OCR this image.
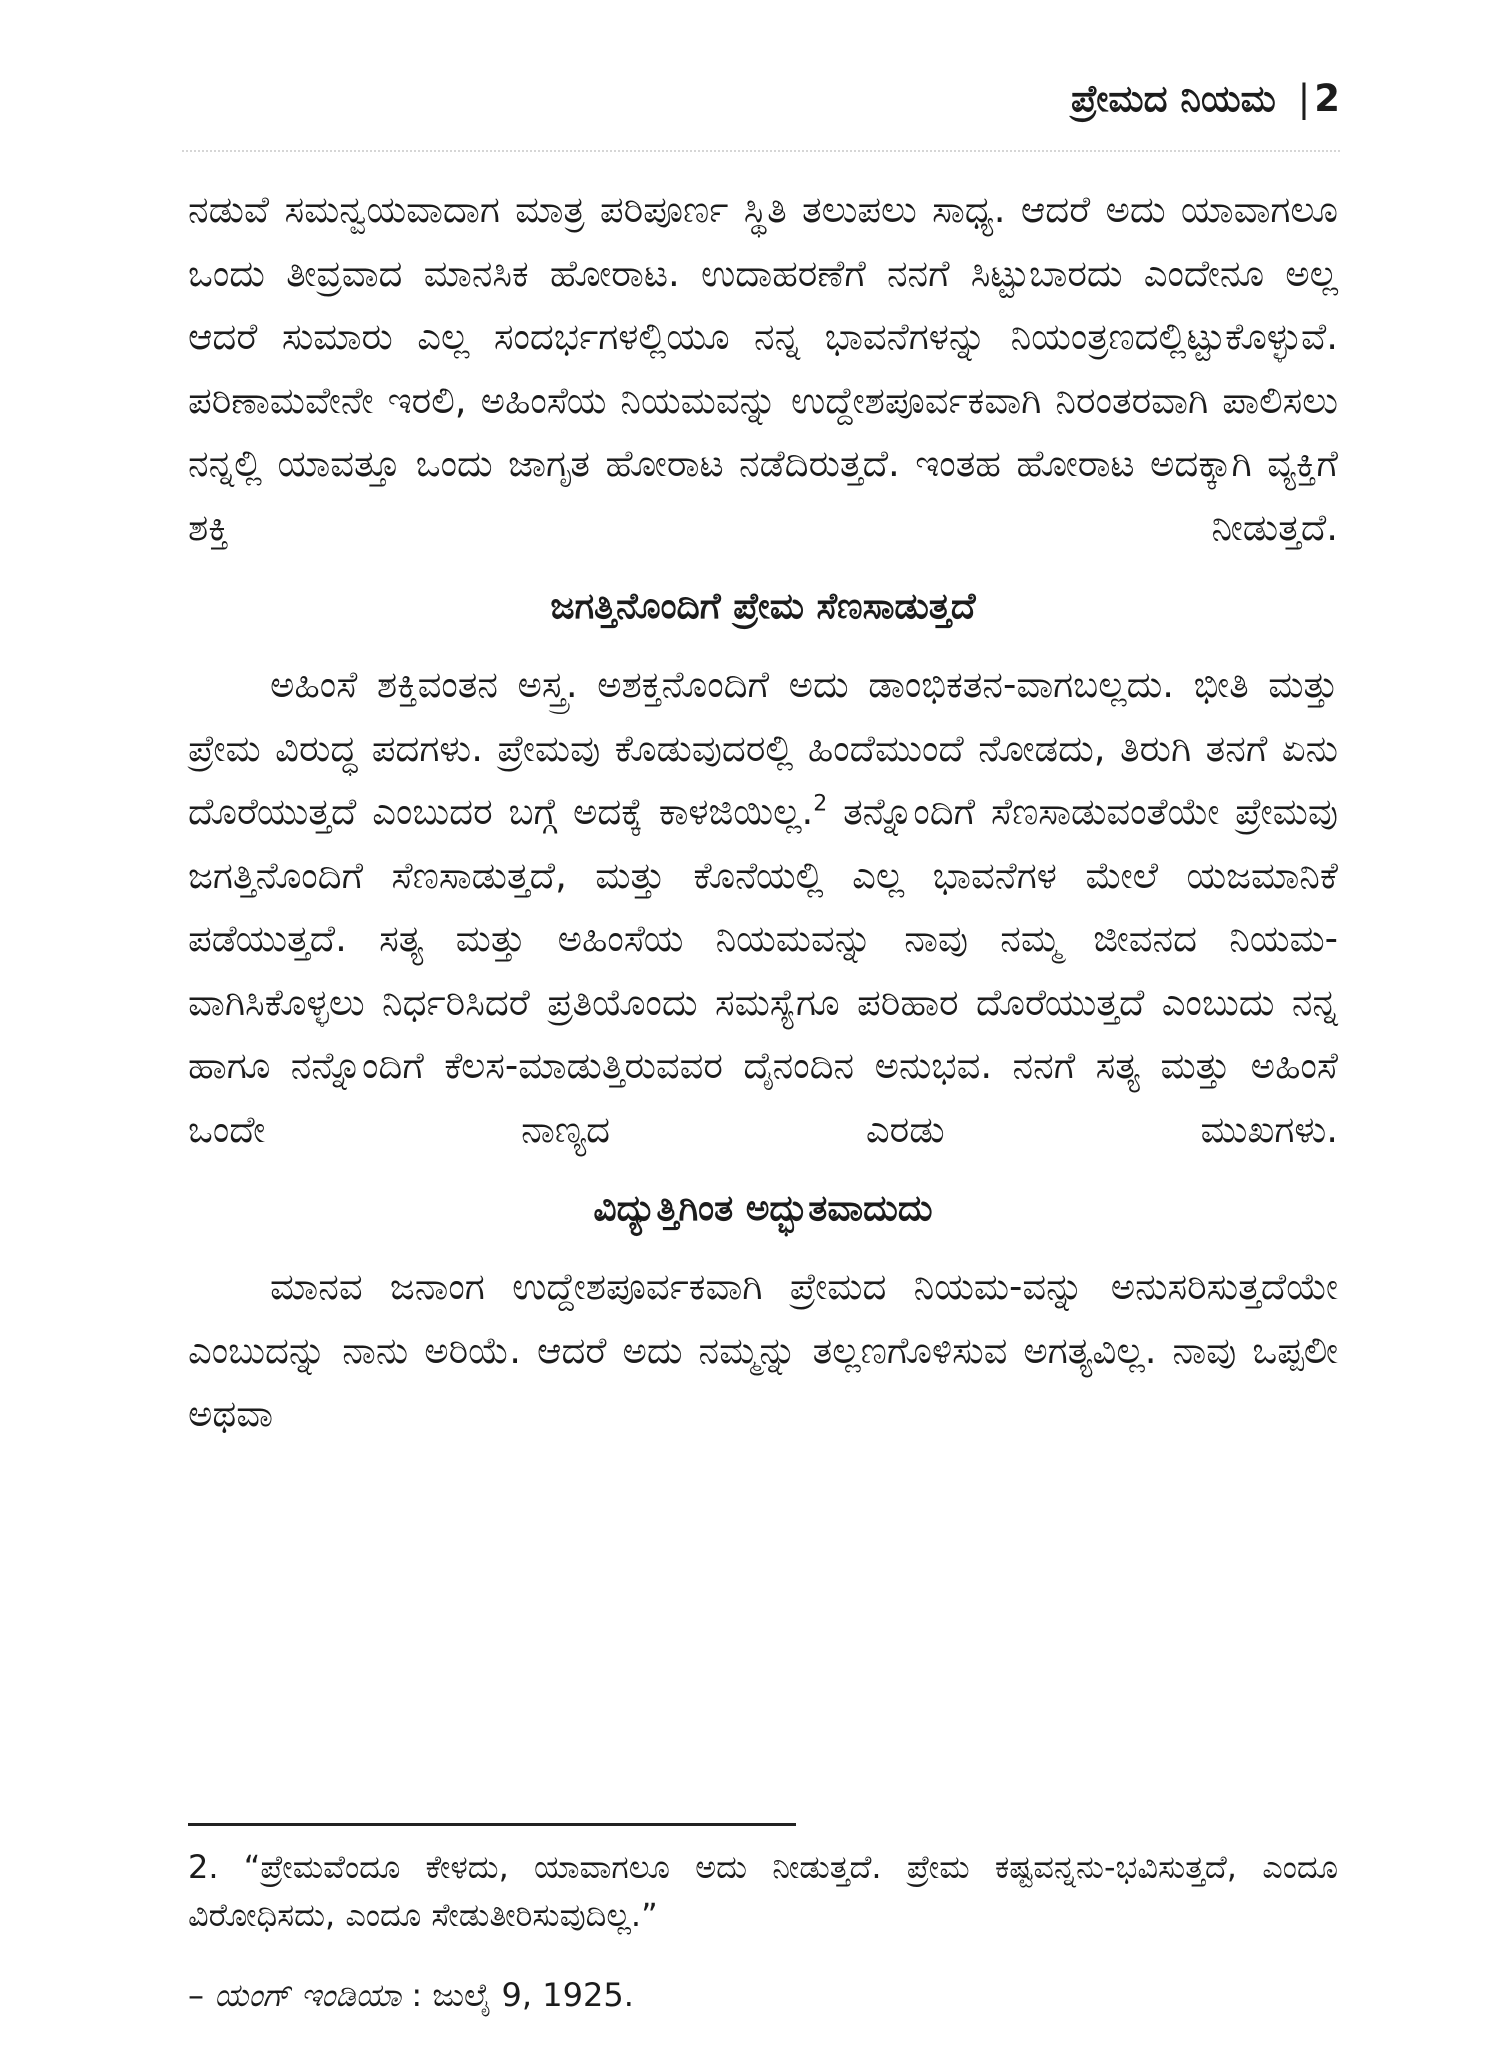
ಪ್ರೇಮದ ನಿಯಮ | 2

ನಡುವೆ ಸಮನ್ವಯವಾದಾಗ ಮಾತ್ರ ಪರಿಪೂರ್ಣ ಸ್ಥಿತಿ ತಲುಪಲು ಸಾಧ್ಯ. ಆದರೆ ಅದು ಯಾವಾಗಲೂ ಒಂದು ತೀವ್ರವಾದ ಮಾನಸಿಕ ಹೋರಾಟ. ಉದಾಹರಣೆಗೆ ನನಗೆ ಸಿಟ್ಟುಬಾರದು ಎಂದೇನೂ ಅಲ್ಲ ಆದರೆ ಸುಮಾರು ಎಲ್ಲ ಸಂದರ್ಭಗಳಲ್ಲಿಯೂ ನನ್ನ ಭಾವನೆಗಳನ್ನು ನಿಯಂತ್ರಣದಲ್ಲಿಟ್ಟುಕೊಳ್ಳುವೆ. ಪರಿಣಾಮವೇನೇ ಇರಲಿ, ಅಹಿಂಸೆಯ ನಿಯಮವನ್ನು ಉದ್ದೇಶಪೂರ್ವಕವಾಗಿ ನಿರಂತರವಾಗಿ ಪಾಲಿಸಲು ನನ್ನಲ್ಲಿ ಯಾವತ್ತೂ ಒಂದು ಜಾಗೃತ ಹೋರಾಟ ನಡೆದಿರುತ್ತದೆ. ಇಂತಹ ಹೋರಾಟ ಅದಕ್ಕಾಗಿ ವ್ಯಕ್ತಿಗೆ ಶಕ್ತಿ ನೀಡುತ್ತದೆ.

ಜಗತ್ತಿನೊಂದಿಗೆ ಪ್ರೇಮ ಸೆಣಸಾಡುತ್ತದೆ

ಅಹಿಂಸೆ ಶಕ್ತಿವಂತನ ಅಸ್ತ್ರ. ಅಶಕ್ತನೊಂದಿಗೆ ಅದು ಡಾಂಭಿಕತನ-ವಾಗಬಲ್ಲದು. ಭೀತಿ ಮತ್ತು ಪ್ರೇಮ ವಿರುದ್ಧ ಪದಗಳು. ಪ್ರೇಮವು ಕೊಡುವುದರಲ್ಲಿ ಹಿಂದೆಮುಂದೆ ನೋಡದು, ತಿರುಗಿ ತನಗೆ ಏನು ದೊರೆಯುತ್ತದೆ ಎಂಬುದರ ಬಗ್ಗೆ ಅದಕ್ಕೆ ಕಾಳಜಿಯಿಲ್ಲ.$^2$ ತನ್ನೊಂದಿಗೆ ಸೆಣಸಾಡುವಂತೆಯೇ ಪ್ರೇಮವು ಜಗತ್ತಿನೊಂದಿಗೆ ಸೆಣಸಾಡುತ್ತದೆ, ಮತ್ತು ಕೊನೆಯಲ್ಲಿ ಎಲ್ಲ ಭಾವನೆಗಳ ಮೇಲೆ ಯಜಮಾನಿಕೆ ಪಡೆಯುತ್ತದೆ. ಸತ್ಯ ಮತ್ತು ಅಹಿಂಸೆಯ ನಿಯಮವನ್ನು ನಾವು ನಮ್ಮ ಜೀವನದ ನಿಯಮ-ವಾಗಿಸಿಕೊಳ್ಳಲು ನಿರ್ಧರಿಸಿದರೆ ಪ್ರತಿಯೊಂದು ಸಮಸ್ಯೆಗೂ ಪರಿಹಾರ ದೊರೆಯುತ್ತದೆ ಎಂಬುದು ನನ್ನ ಹಾಗೂ ನನ್ನೊಂದಿಗೆ ಕೆಲಸ-ಮಾಡುತ್ತಿರುವವರ ದೈನಂದಿನ ಅನುಭವ. ನನಗೆ ಸತ್ಯ ಮತ್ತು ಅಹಿಂಸೆ ಒಂದೇ ನಾಣ್ಯದ ಎರಡು ಮುಖಗಳು.

ವಿದ್ಯುತ್ತಿಗಿಂತ ಅದ್ಭುತವಾದುದು

ಮಾನವ ಜನಾಂಗ ಉದ್ದೇಶಪೂರ್ವಕವಾಗಿ ಪ್ರೇಮದ ನಿಯಮ-ವನ್ನು ಅನುಸರಿಸುತ್ತದೆಯೇ ಎಂಬುದನ್ನು ನಾನು ಅರಿಯೆ. ಆದರೆ ಅದು ನಮ್ಮನ್ನು ತಲ್ಲಣಗೊಳಿಸುವ ಅಗತ್ಯವಿಲ್ಲ. ನಾವು ಒಪ್ಪಲೀ ಅಥವಾ

2. “ಪ್ರೇಮವೆಂದೂ ಕೇಳದು, ಯಾವಾಗಲೂ ಅದು ನೀಡುತ್ತದೆ. ಪ್ರೇಮ ಕಷ್ಟವನ್ನನು-ಭವಿಸುತ್ತದೆ, ಎಂದೂ ವಿರೋಧಿಸದು, ಎಂದೂ ಸೇಡುತೀರಿಸುವುದಿಲ್ಲ.”

– ಯಂಗ್ ಇಂಡಿಯಾ : ಜುಲೈ 9, 1925.
